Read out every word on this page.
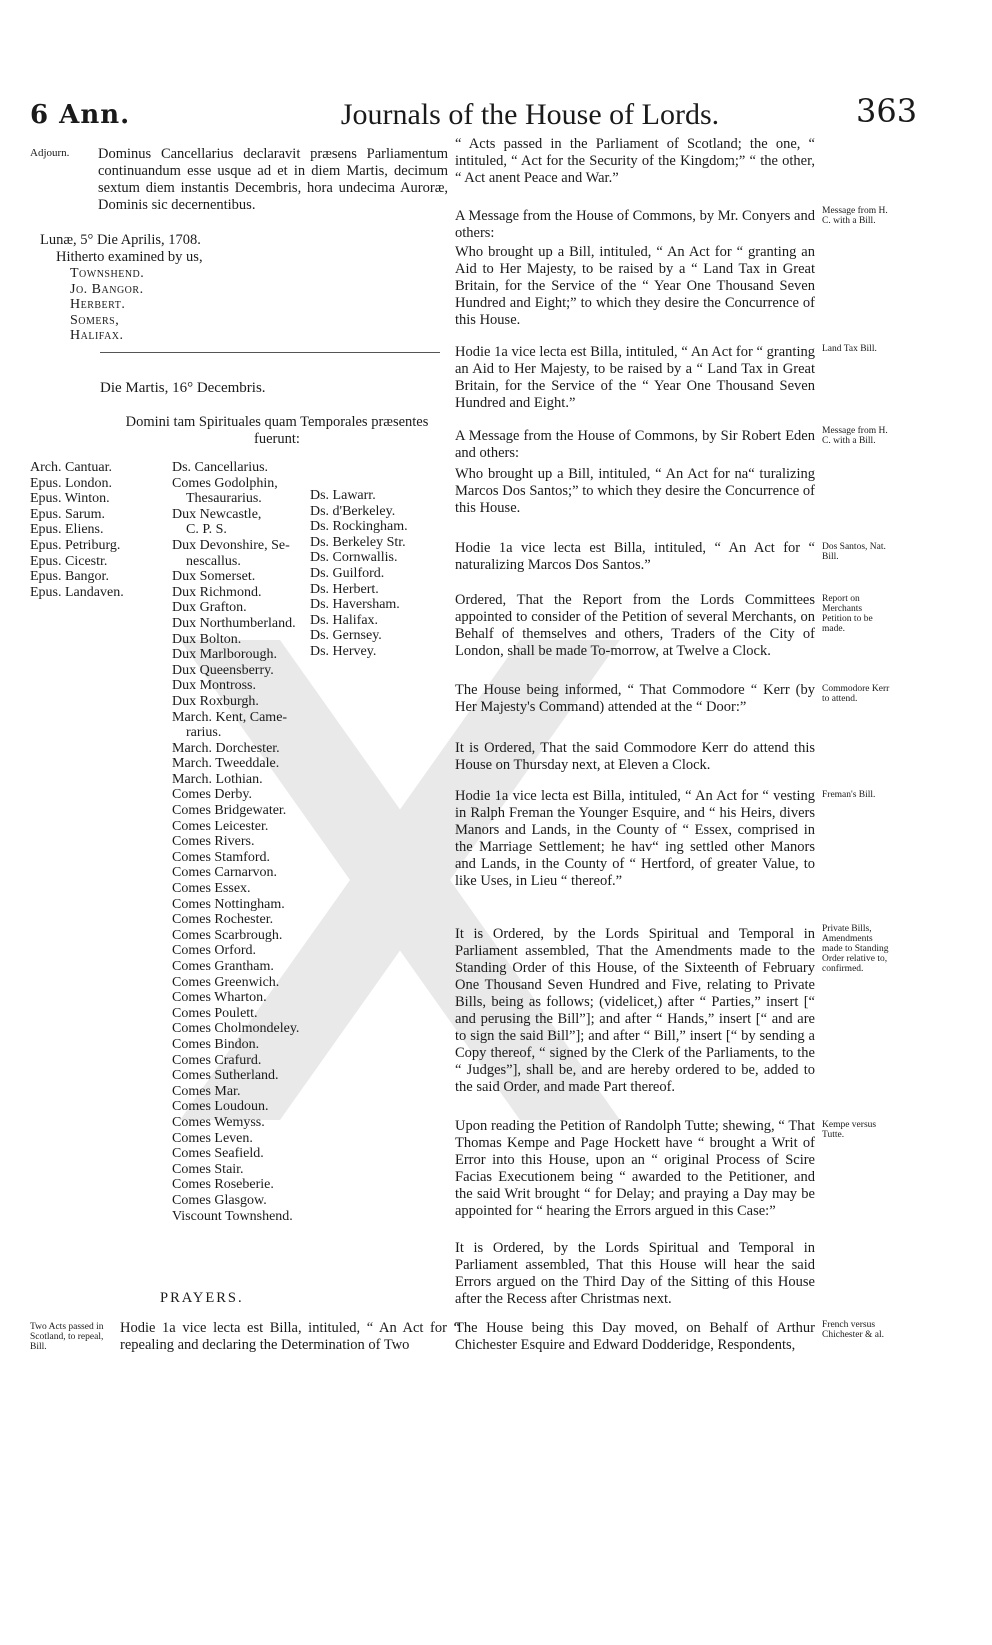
6 Ann.	Journals of the House of Lords.	363
Adjourn. Dominus Cancellarius declaravit præsens Parliamentum continuandum esse usque ad et in diem Martis, decimum sextum diem instantis Decembris, hora undecima Auroræ, Dominis sic decernentibus.

Lunæ, 5° Die Aprilis, 1708.
Hitherto examined by us,
Townshend.
Jo. Bangor.
Herbert.
Somers,
Halifax.
Die Martis, 16° Decembris.
Domini tam Spirituales quam Temporales præsentes fuerunt:
Arch. Cantuar.
Epus. London.
Epus. Winton.
Epus. Sarum.
Epus. Eliens.
Epus. Petriburg.
Epus. Cicestr.
Epus. Bangor.
Epus. Landaven.
Ds. Cancellarius.
Comes Godolphin,
Thesaurarius.
Dux Newcastle,
C. P. S.
Dux Devonshire, Se-
nescallus.
Dux Somerset.
Dux Richmond.
Dux Grafton.
Dux Northumberland.
Dux Bolton.
Dux Marlborough.
Dux Queensberry.
Dux Montross.
Dux Roxburgh.
March. Kent, Came-
rarius.
March. Dorchester.
March. Tweeddale.
March. Lothian.
Comes Derby.
Comes Bridgewater.
Comes Leicester.
Comes Rivers.
Comes Stamford.
Comes Carnarvon.
Comes Essex.
Comes Nottingham.
Comes Rochester.
Comes Scarbrough.
Comes Orford.
Comes Grantham.
Comes Greenwich.
Comes Wharton.
Comes Poulett.
Comes Cholmondeley.
Comes Bindon.
Comes Crafurd.
Comes Sutherland.
Comes Mar.
Comes Loudoun.
Comes Wemyss.
Comes Leven.
Comes Seafield.
Comes Stair.
Comes Roseberie.
Comes Glasgow.
Viscount Townshend.
Ds. Lawarr.
Ds. d'Berkeley.
Ds. Rockingham.
Ds. Berkeley Str.
Ds. Cornwallis.
Ds. Guilford.
Ds. Herbert.
Ds. Haversham.
Ds. Halifax.
Ds. Gernsey.
Ds. Hervey.
PRAYERS.
Two Acts passed in Scotland, to repeal, Bill.

Hodie 1a vice lecta est Billa, intituled, “ An Act for “ repealing and declaring the Determination of Two

“ Acts passed in the Parliament of Scotland; the one, “ intituled, “ Act for the Security of the Kingdom;” “ the other, “ Act anent Peace and War.”

A Message from the House of Commons, by Mr. Conyers and others:

Message from H. C. with a Bill.

Who brought up a Bill, intituled, “ An Act for “ granting an Aid to Her Majesty, to be raised by a “ Land Tax in Great Britain, for the Service of the “ Year One Thousand Seven Hundred and Eight;” to which they desire the Concurrence of this House.

Hodie 1a vice lecta est Billa, intituled, “ An Act for “ granting an Aid to Her Majesty, to be raised by a “ Land Tax in Great Britain, for the Service of the “ Year One Thousand Seven Hundred and Eight.”

Land Tax Bill.

A Message from the House of Commons, by Sir Robert Eden and others:

Message from H. C. with a Bill.

Who brought up a Bill, intituled, “ An Act for na“ turalizing Marcos Dos Santos;” to which they desire the Concurrence of this House.

Hodie 1a vice lecta est Billa, intituled, “ An Act for “ naturalizing Marcos Dos Santos.”

Dos Santos, Nat. Bill.

Ordered, That the Report from the Lords Committees appointed to consider of the Petition of several Merchants, on Behalf of themselves and others, Traders of the City of London, shall be made To-morrow, at Twelve a Clock.

Report on Merchants Petition to be made.

The House being informed, “ That Commodore “ Kerr (by Her Majesty's Command) attended at the “ Door:”

Commodore Kerr to attend.

It is Ordered, That the said Commodore Kerr do attend this House on Thursday next, at Eleven a Clock.

Hodie 1a vice lecta est Billa, intituled, “ An Act for “ vesting in Ralph Freman the Younger Esquire, and “ his Heirs, divers Manors and Lands, in the County of “ Essex, comprised in the Marriage Settlement; he hav“ ing settled other Manors and Lands, in the County of “ Hertford, of greater Value, to like Uses, in Lieu “ thereof.”

Freman's Bill.

It is Ordered, by the Lords Spiritual and Temporal in Parliament assembled, That the Amendments made to the Standing Order of this House, of the Sixteenth of February One Thousand Seven Hundred and Five, relating to Private Bills, being as follows; (videlicet,) after “ Parties,” insert [“ and perusing the Bill”]; and after “ Hands,” insert [“ and are to sign the said Bill”]; and after “ Bill,” insert [“ by sending a Copy thereof, “ signed by the Clerk of the Parliaments, to the “ Judges”], shall be, and are hereby ordered to be, added to the said Order, and made Part thereof.

Private Bills, Amendments made to Standing Order relative to, confirmed.

Upon reading the Petition of Randolph Tutte; shewing, “ That Thomas Kempe and Page Hockett have “ brought a Writ of Error into this House, upon an “ original Process of Scire Facias Executionem being “ awarded to the Petitioner, and the said Writ brought “ for Delay; and praying a Day may be appointed for “ hearing the Errors argued in this Case:”

Kempe versus Tutte.

It is Ordered, by the Lords Spiritual and Temporal in Parliament assembled, That this House will hear the said Errors argued on the Third Day of the Sitting of this House after the Recess after Christmas next.

The House being this Day moved, on Behalf of Arthur Chichester Esquire and Edward Dodderidge, Respondents,

French versus Chichester & al.
